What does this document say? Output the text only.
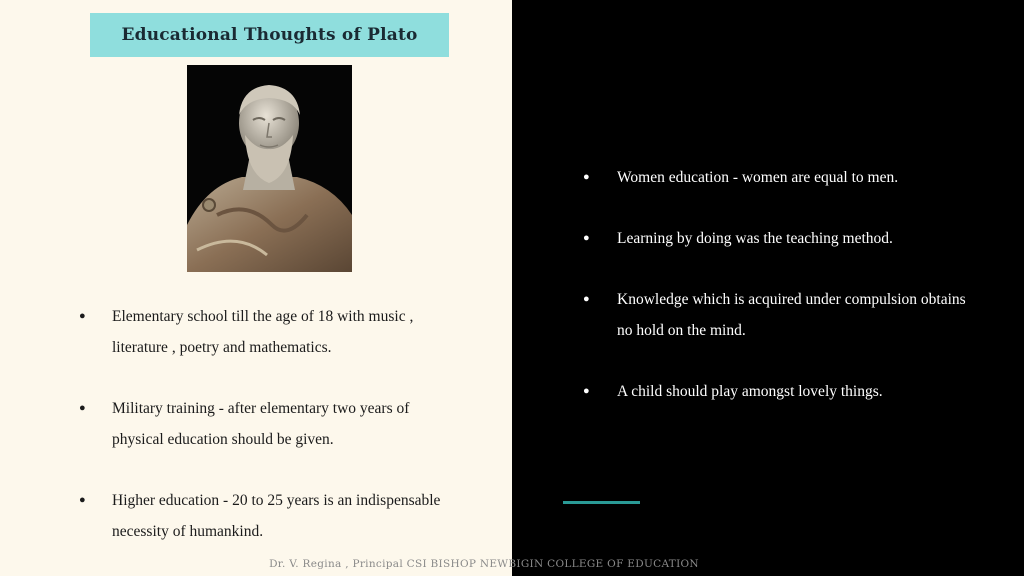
Educational Thoughts of Plato
● Elementary school till the age of 18 with music , literature , poetry and mathematics.
● Military training - after elementary two years of physical education should be given.
● Higher education - 20 to 25 years is an indispensable necessity of humankind.
● Women education - women are equal to men.
● Learning by doing was the teaching method.
● Knowledge which is acquired under compulsion obtains no hold on the mind.
● A child should play amongst lovely things.
Dr. V. Regina , Principal CSI BISHOP NEWBIGIN COLLEGE OF EDUCATION
